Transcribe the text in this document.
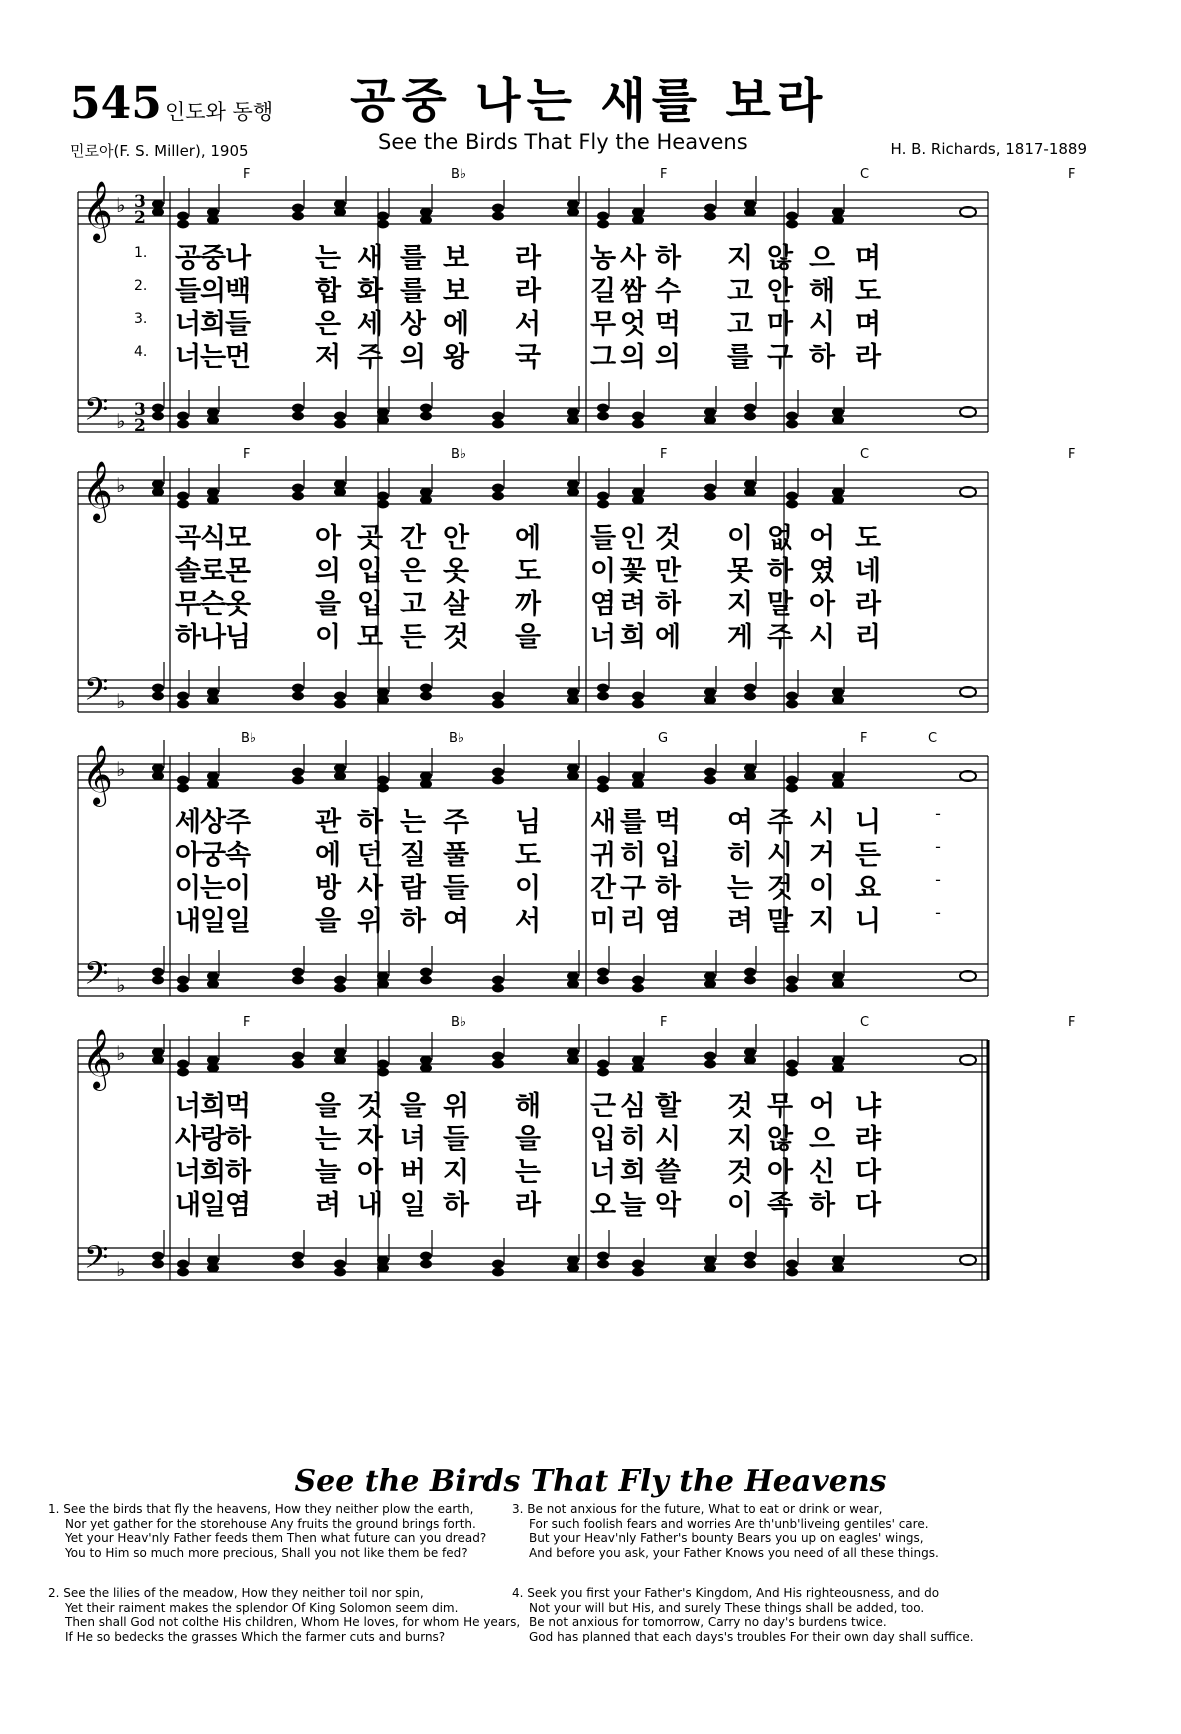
545 인도와 동행 공중 나는 새를 보라
See the Birds That Fly the Heavens
민로아(F. S. Miller), 1905	H. B. Richards, 1817-1889
𝄞
𝄢
♭
♭
3
2
3
2
F	B♭	F	C	F
1. 공
중
나 는 새 를 보 라 농 사 하 지 않 으 며
2. 들
의
백 합 화 를 보 라 길 쌈 수 고 안 해 도
3. 너
희
들 은 세 상 에 서 무 엇 먹 고 마 시 며
4. 너
는
먼 저 주 의 왕 국 그 의 의 를 구 하 라
𝄞
𝄢
♭
♭
F	B♭	F	C	F
곡
식
모 아 곳 간 안 에 들 인 것 이 없 어 도
솔
로
몬 의 입 은 옷 도 이 꽃 만 못 하 였 네
무
슨
옷 을 입 고 살 까 염 려 하 지 말 아 라
하
나
님 이 모 든 것 을 너 희 에 게 주 시 리
𝄞
𝄢
♭
♭
B♭	B♭	G	F	C
세
상
주 관 하 는 주 님 새 를 먹 여 주 시 니	-
아
궁
속 에 던 질 풀 도 귀 히 입 히 시 거 든	-
이
는
이 방 사 람 들 이 간 구 하 는 것 이 요	-
내
일
일 을 위 하 여 서 미 리 염 려 말 지 니	-
𝄞
𝄢
♭
♭
F	B♭	F	C	F
너
희
먹 을 것 을 위 해 근 심 할 것 무 어 냐
사
랑
하 는 자 녀 들 을 입 히 시 지 않 으 랴
너
희
하 늘 아 버 지 는 너 희 쓸 것 아 신 다
내
일
염 려 내 일 하 라 오 늘 악 이 족 하 다
See the Birds That Fly the Heavens
1. See the birds that fly the heavens, How they neither plow the earth,
Nor yet gather for the storehouse Any fruits the ground brings forth.
Yet your Heav'nly Father feeds them Then what future can you dread?
You to Him so much more precious, Shall you not like them be fed?
2. See the lilies of the meadow, How they neither toil nor spin,
Yet their raiment makes the splendor Of King Solomon seem dim.
Then shall God not colthe His children, Whom He loves, for whom He years,
If He so bedecks the grasses Which the farmer cuts and burns?
3. Be not anxious for the future, What to eat or drink or wear,
For such foolish fears and worries Are th'unb'liveing gentiles' care.
But your Heav'nly Father's bounty Bears you up on eagles' wings,
And before you ask, your Father Knows you need of all these things.
4. Seek you first your Father's Kingdom, And His righteousness, and do
Not your will but His, and surely These things shall be added, too.
Be not anxious for tomorrow, Carry no day's burdens twice.
God has planned that each days's troubles For their own day shall suffice.
